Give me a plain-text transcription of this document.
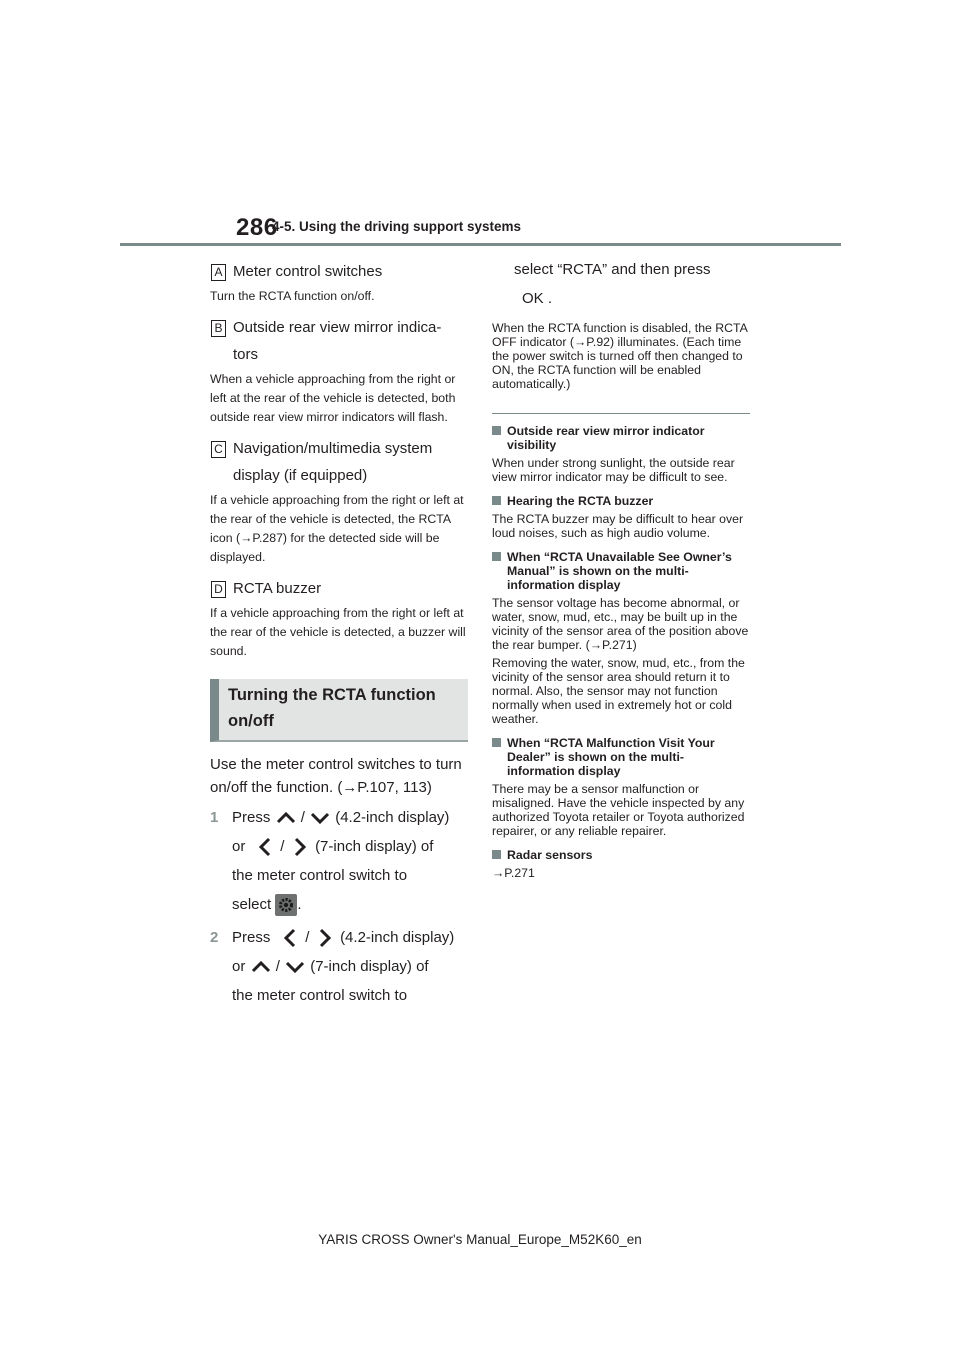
286
4-5. Using the driving support systems
A Meter control switches
Turn the RCTA function on/off.
B Outside rear view mirror indica-
tors
When a vehicle approaching from the right or left at the rear of the vehicle is detected, both outside rear view mirror indicators will flash.
C Navigation/multimedia system
display (if equipped)
If a vehicle approaching from the right or left at the rear of the vehicle is detected, the RCTA icon (→P.287) for the detected side will be displayed.
D RCTA buzzer
If a vehicle approaching from the right or left at the rear of the vehicle is detected, a buzzer will sound.
Turning the RCTA function on/off
Use the meter control switches to turn on/off the function. (→P.107, 113)
1 Press / (4.2-inch display)
or / (7-inch display) of
the meter control switch to
select .
2 Press / (4.2-inch display)
or / (7-inch display) of
the meter control switch to
select “RCTA” and then press
OK .
When the RCTA function is disabled, the RCTA OFF indicator (→P.92) illuminates. (Each time the power switch is turned off then changed to ON, the RCTA function will be enabled automatically.)
Outside rear view mirror indicator visibility
When under strong sunlight, the outside rear view mirror indicator may be difficult to see.
Hearing the RCTA buzzer
The RCTA buzzer may be difficult to hear over loud noises, such as high audio volume.
When “RCTA Unavailable See Owner’s Manual” is shown on the multi-information display
The sensor voltage has become abnormal, or water, snow, mud, etc., may be built up in the vicinity of the sensor area of the position above the rear bumper. (→P.271)
Removing the water, snow, mud, etc., from the vicinity of the sensor area should return it to normal. Also, the sensor may not function normally when used in extremely hot or cold weather.
When “RCTA Malfunction Visit Your Dealer” is shown on the multi-information display
There may be a sensor malfunction or misaligned. Have the vehicle inspected by any authorized Toyota retailer or Toyota authorized repairer, or any reliable repairer.
Radar sensors
→P.271
YARIS CROSS Owner's Manual_Europe_M52K60_en
